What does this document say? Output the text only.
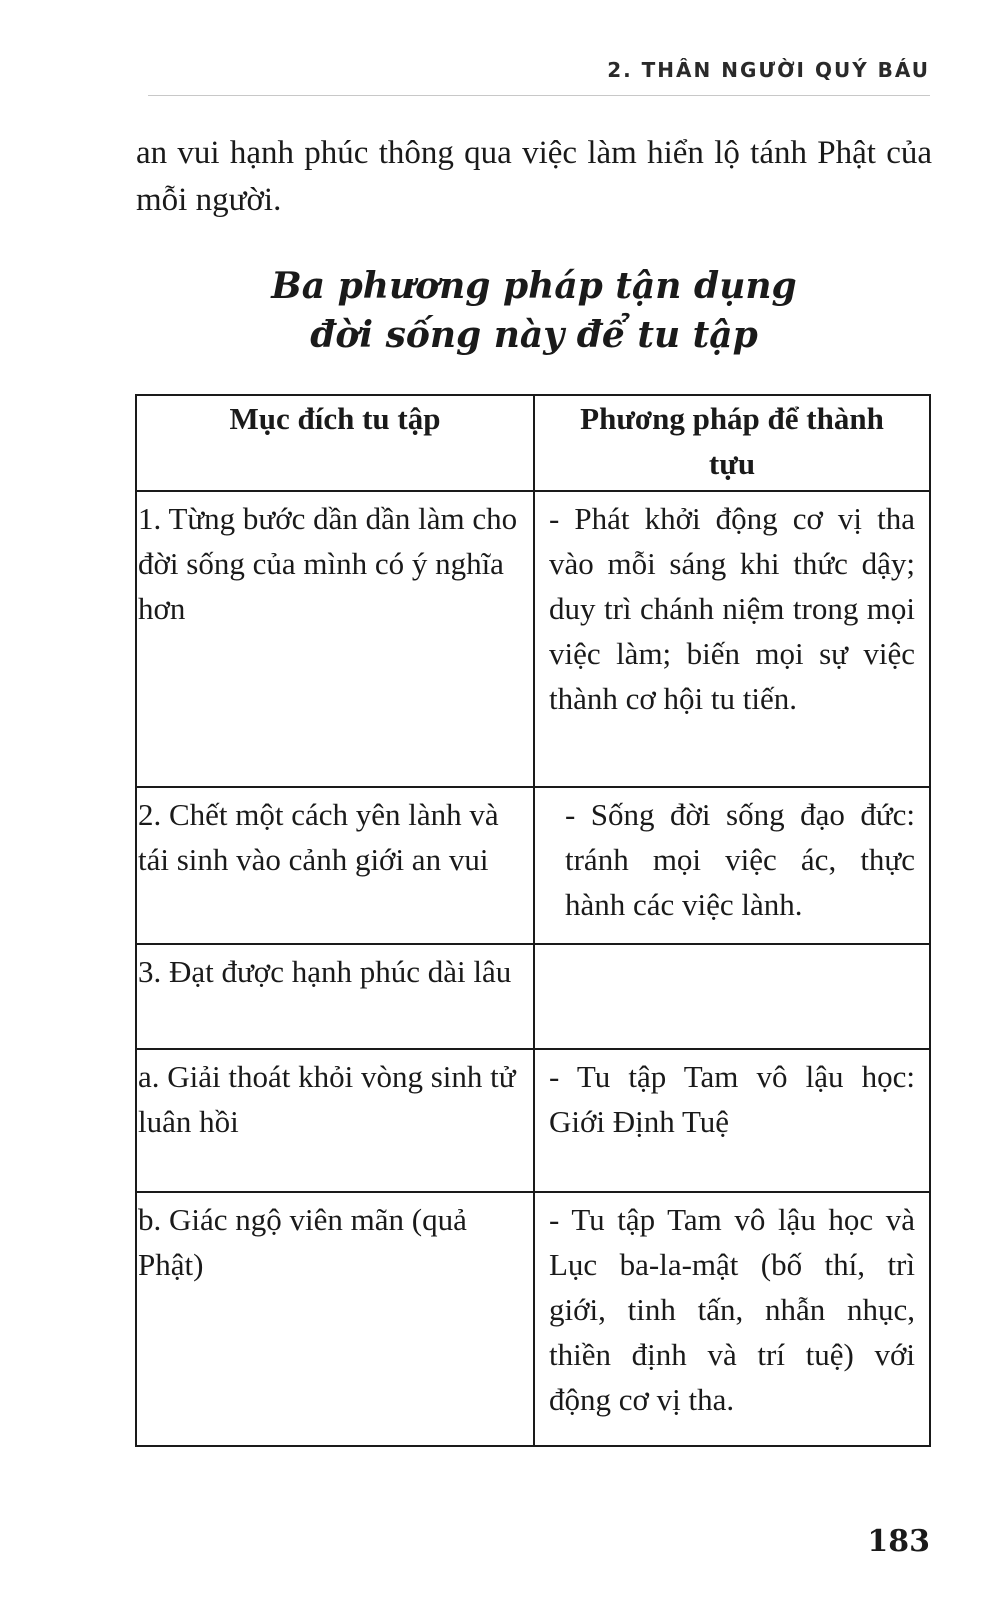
2. THÂN NGƯỜI QUÝ BÁU

an vui hạnh phúc thông qua việc làm hiển lộ tánh Phật của mỗi người.

Ba phương pháp tận dụng
đời sống này để tu tập
Mục đích tu tập	Phương pháp để thành tựu
1. Từng bước dần dần làm cho đời sống của mình có ý nghĩa hơn	- Phát khởi động cơ vị tha vào mỗi sáng khi thức dậy; duy trì chánh niệm trong mọi việc làm; biến mọi sự việc thành cơ hội tu tiến.
2. Chết một cách yên lành và tái sinh vào cảnh giới an vui	- Sống đời sống đạo đức: tránh mọi việc ác, thực hành các việc lành.
3. Đạt được hạnh phúc dài lâu	
a. Giải thoát khỏi vòng sinh tử luân hồi	- Tu tập Tam vô lậu học: Giới Định Tuệ
b. Giác ngộ viên mãn (quả Phật)	- Tu tập Tam vô lậu học và Lục ba-la-mật (bố thí, trì giới, tinh tấn, nhẫn nhục, thiền định và trí tuệ) với động cơ vị tha.
183
